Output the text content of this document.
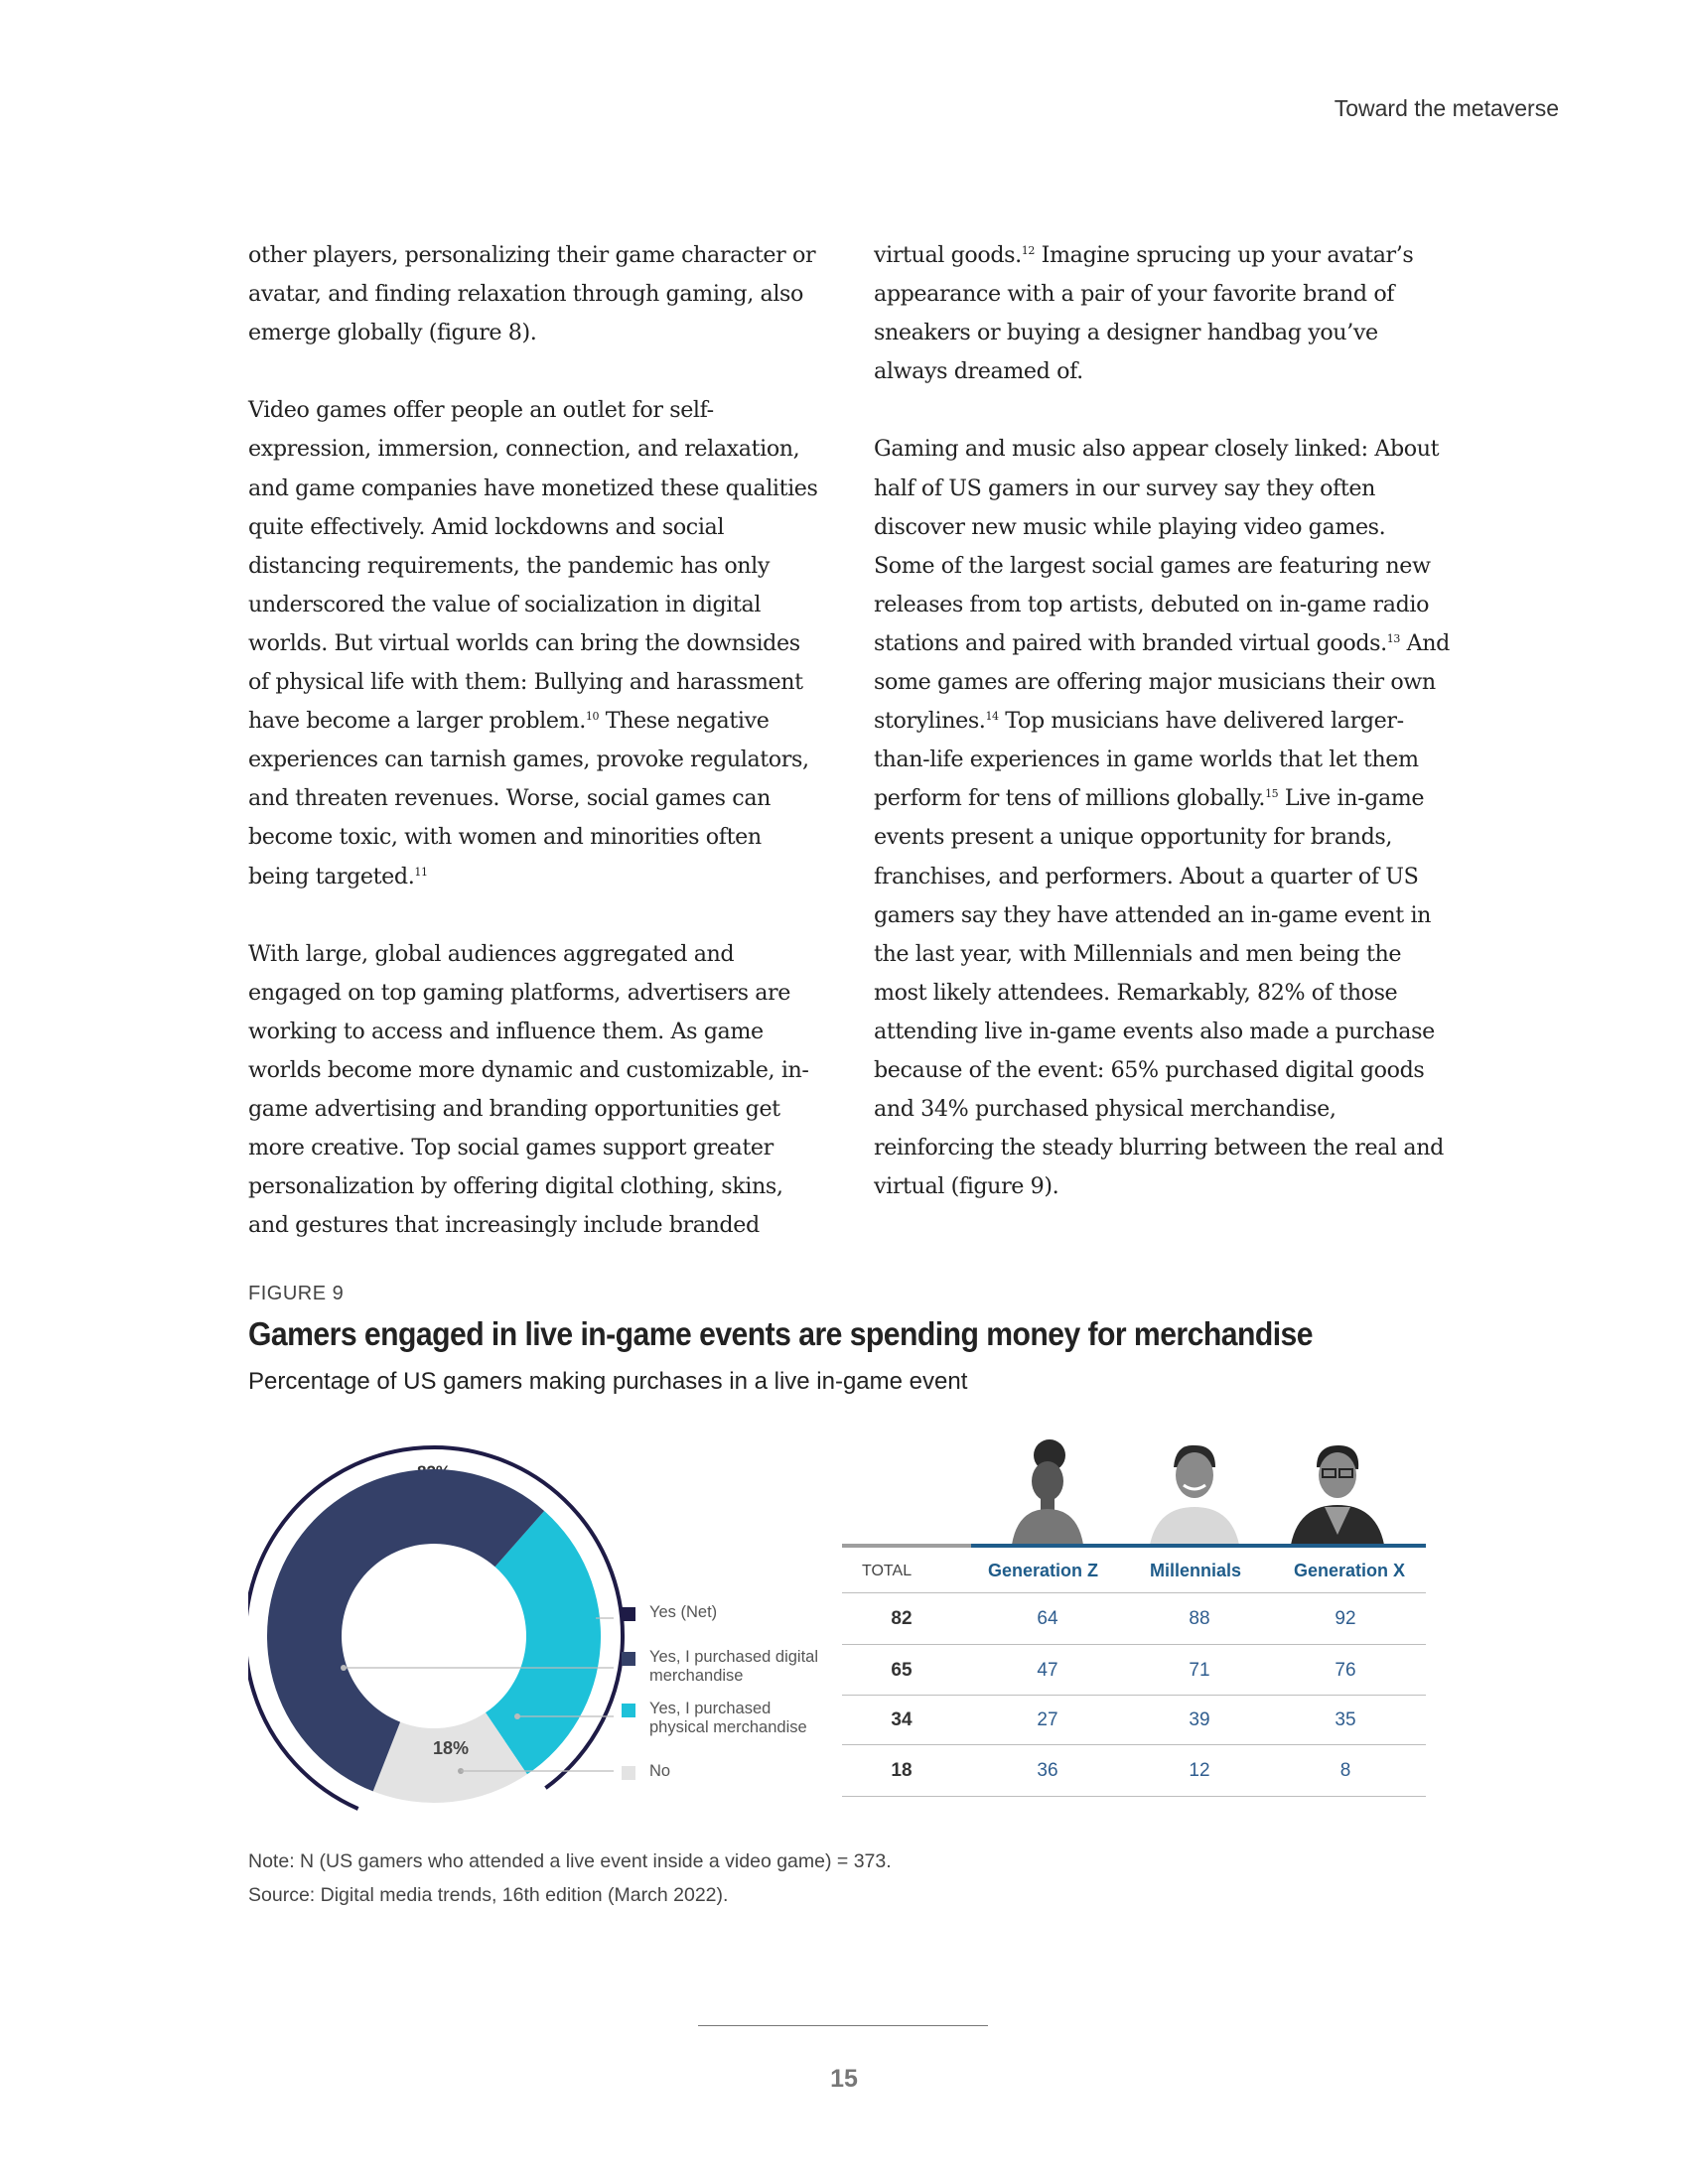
Toward the metaverse

other players, personalizing their game character or avatar, and finding relaxation through gaming, also emerge globally (figure 8).

Video games offer people an outlet for self-expression, immersion, connection, and relaxation, and game companies have monetized these qualities quite effectively. Amid lockdowns and social distancing requirements, the pandemic has only underscored the value of socialization in digital worlds. But virtual worlds can bring the downsides of physical life with them: Bullying and harassment have become a larger problem.$^{10}$ These negative experiences can tarnish games, provoke regulators, and threaten revenues. Worse, social games can become toxic, with women and minorities often being targeted.$^{11}$

With large, global audiences aggregated and engaged on top gaming platforms, advertisers are working to access and influence them. As game worlds become more dynamic and customizable, in-game advertising and branding opportunities get more creative. Top social games support greater personalization by offering digital clothing, skins, and gestures that increasingly include branded

virtual goods.$^{12}$ Imagine sprucing up your avatar’s appearance with a pair of your favorite brand of sneakers or buying a designer handbag you’ve always dreamed of.

Gaming and music also appear closely linked: About half of US gamers in our survey say they often discover new music while playing video games. Some of the largest social games are featuring new releases from top artists, debuted on in-game radio stations and paired with branded virtual goods.$^{13}$ And some games are offering major musicians their own storylines.$^{14}$ Top musicians have delivered larger-than-life experiences in game worlds that let them perform for tens of millions globally.$^{15}$ Live in-game events present a unique opportunity for brands, franchises, and performers. About a quarter of US gamers say they have attended an in-game event in the last year, with Millennials and men being the most likely attendees. Remarkably, 82% of those attending live in-game events also made a purchase because of the event: 65% purchased digital goods and 34% purchased physical merchandise, reinforcing the steady blurring between the real and virtual (figure 9).

FIGURE 9
Gamers engaged in live in-game events are spending money for merchandise
Percentage of US gamers making purchases in a live in-game event
18%
Yes (Net)
Yes, I purchased digital merchandise
Yes, I purchased physical merchandise
No
TOTAL	Generation Z	Millennials	Generation X
82	64	88	92
65	47	71	76
34	27	39	35
18	36	12	8
Note: N (US gamers who attended a live event inside a video game) = 373.
Source: Digital media trends, 16th edition (March 2022).
15
